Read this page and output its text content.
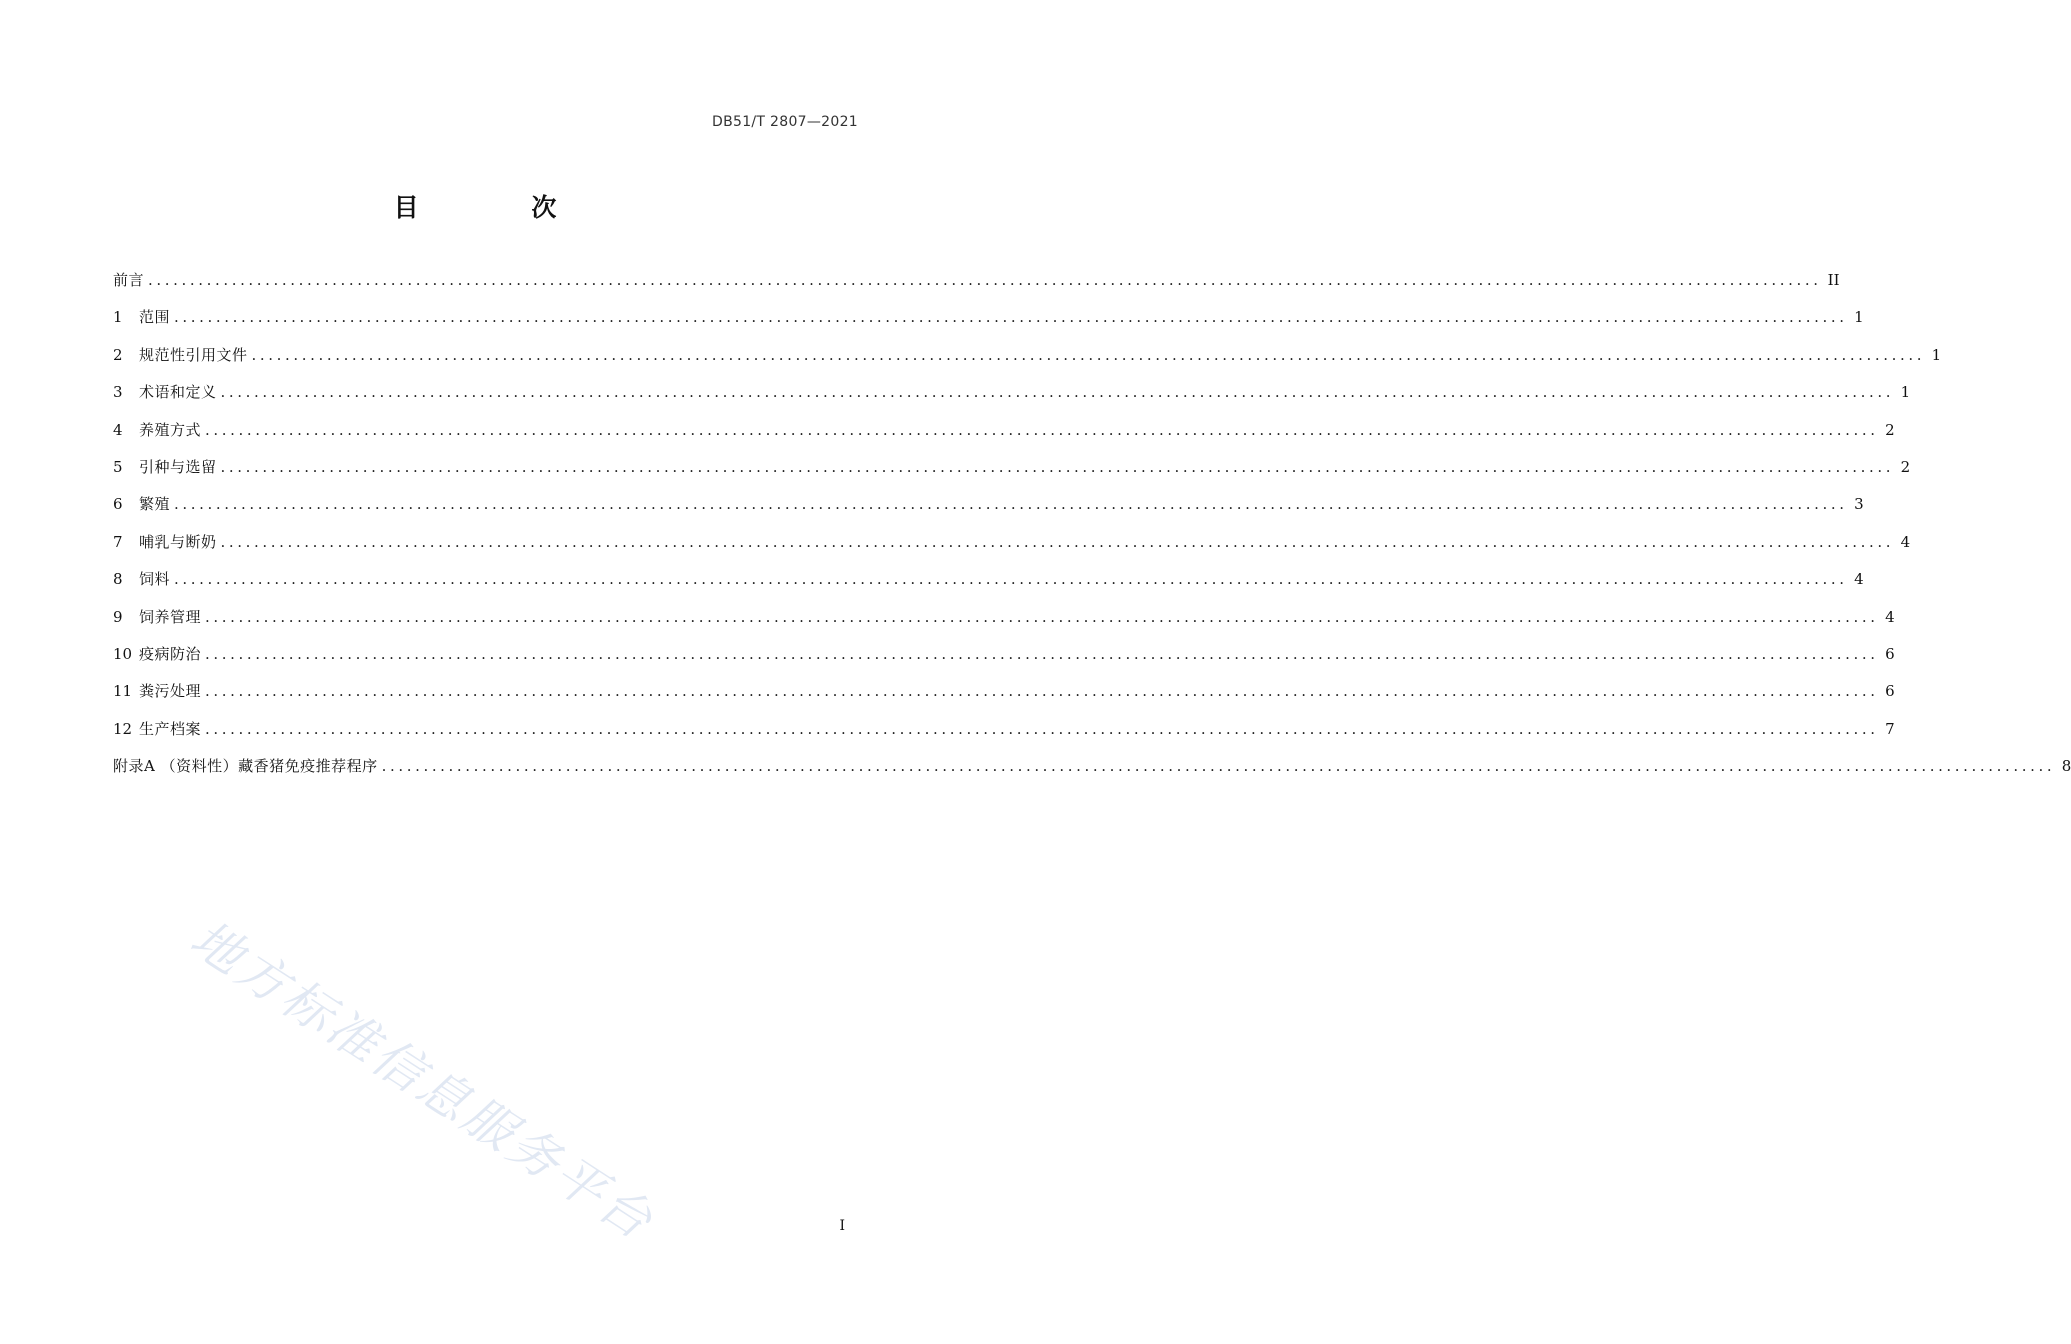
DB51/T 2807—2021
目 次
前言 ........................................................................................................................................................................................................ II
1	范围 ........................................................................................................................................................................................................ 1
2	规范性引用文件 ........................................................................................................................................................................................................ 1
3	术语和定义 ........................................................................................................................................................................................................ 1
4	养殖方式 ........................................................................................................................................................................................................ 2
5	引种与选留 ........................................................................................................................................................................................................ 2
6	繁殖 ........................................................................................................................................................................................................ 3
7	哺乳与断奶 ........................................................................................................................................................................................................ 4
8	饲料 ........................................................................................................................................................................................................ 4
9	饲养管理 ........................................................................................................................................................................................................ 4
10 疫病防治 ........................................................................................................................................................................................................ 6
11 粪污处理 ........................................................................................................................................................................................................ 6
12 生产档案 ........................................................................................................................................................................................................ 7
附录A （资料性）藏香猪免疫推荐程序 ........................................................................................................................................................................................................ 8
地方标准信息服务平台	I
